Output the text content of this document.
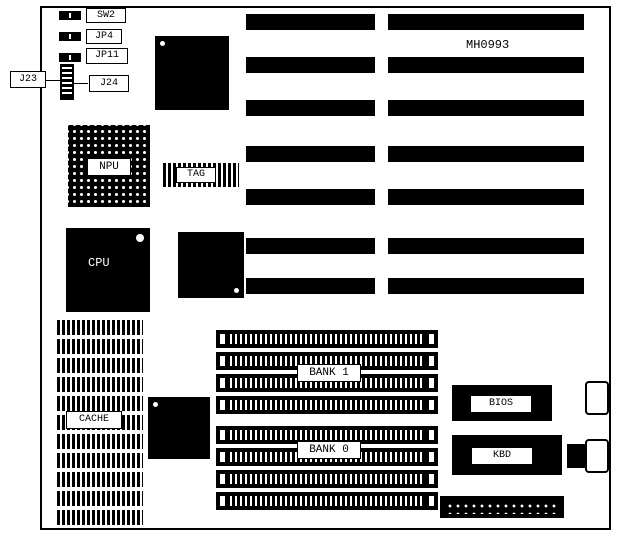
MH0993
SW2
JP4
JP11
J23	J24
NPU
TAG
CPU
CACHE
BANK 1
BANK 0
BIOS
KBD
